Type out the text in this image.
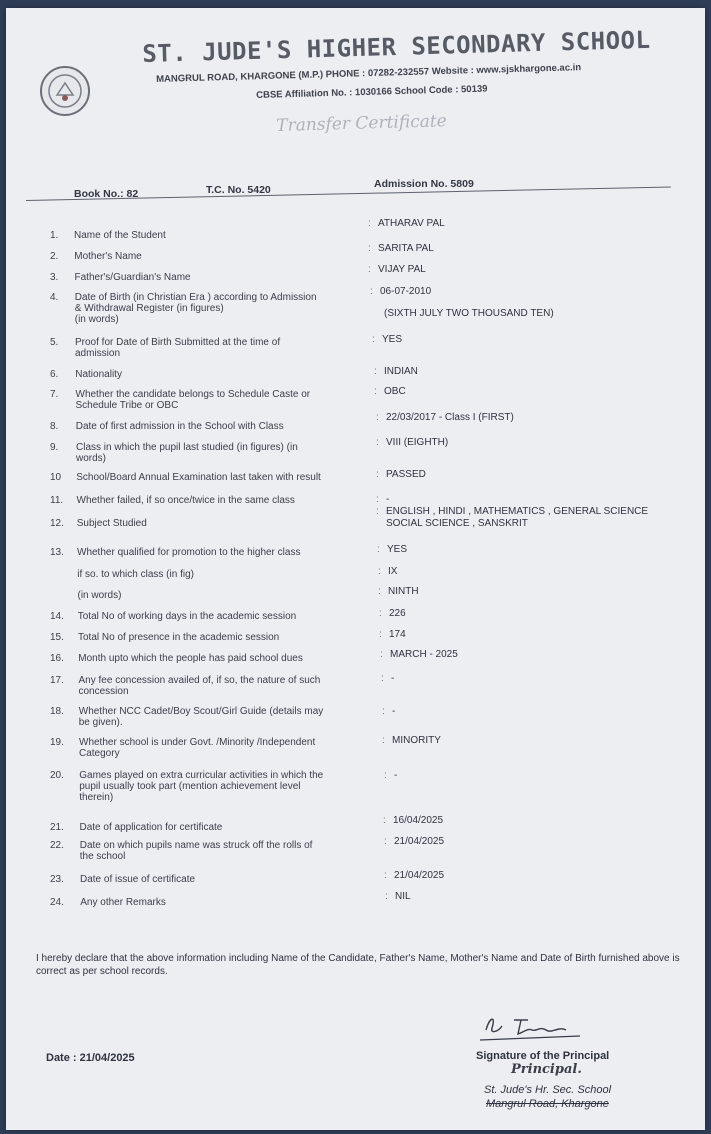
ST. JUDE'S HIGHER SECONDARY SCHOOL
MANGRUL ROAD, KHARGONE (M.P.) PHONE : 07282-232557 Website : www.sjskhargone.ac.in
CBSE Affiliation No. : 1030166 School Code : 50139
Transfer Certificate
Book No.: 82	T.C. No. 5420	Admission No. 5809
1. Name of the Student
: ATHARAV PAL
2. Mother's Name
: SARITA PAL
3. Father's/Guardian's Name
: VIJAY PAL
4. Date of Birth (in Christian Era ) according to Admission
& Withdrawal Register (in figures)
(in words)
: 06-07-2010
(SIXTH JULY TWO THOUSAND TEN)
5. Proof for Date of Birth Submitted at the time of
admission
: YES
6. Nationality	: INDIAN
7. Whether the candidate belongs to Schedule Caste or
Schedule Tribe or OBC
: OBC
8. Date of first admission in the School with Class
: 22/03/2017 - Class I (FIRST)
9. Class in which the pupil last studied (in figures) (in
words)
: VIII (EIGHTH)
10 School/Board Annual Examination last taken with result	: PASSED
11. Whether failed, if so once/twice in the same class	: -
12. Subject Studied
: ENGLISH , HINDI , MATHEMATICS , GENERAL SCIENCE
SOCIAL SCIENCE , SANSKRIT
13. Whether qualified for promotion to the higher class	: YES
if so. to which class (in fig)	: IX
(in words)	: NINTH
14. Total No of working days in the academic session	: 226
15. Total No of presence in the academic session	: 174
16. Month upto which the people has paid school dues	: MARCH - 2025
17. Any fee concession availed of, if so, the nature of such
concession
: -
18. Whether NCC Cadet/Boy Scout/Girl Guide (details may
be given).
: -
19. Whether school is under Govt. /Minority /Independent
Category
: MINORITY
20. Games played on extra curricular activities in which the
pupil usually took part (mention achievement level
therein)
: -
21. Date of application for certificate
: 16/04/2025
22. Date on which pupils name was struck off the rolls of
the school
: 21/04/2025
23. Date of issue of certificate	: 21/04/2025
24. Any other Remarks
: NIL
I hereby declare that the above information including Name of the Candidate, Father's Name, Mother's Name and Date of Birth furnished above is correct as per school records.
Date : 21/04/2025	Signature of the Principal
Principal.
St. Jude's Hr. Sec. School
Mangrul Road, Khargone
